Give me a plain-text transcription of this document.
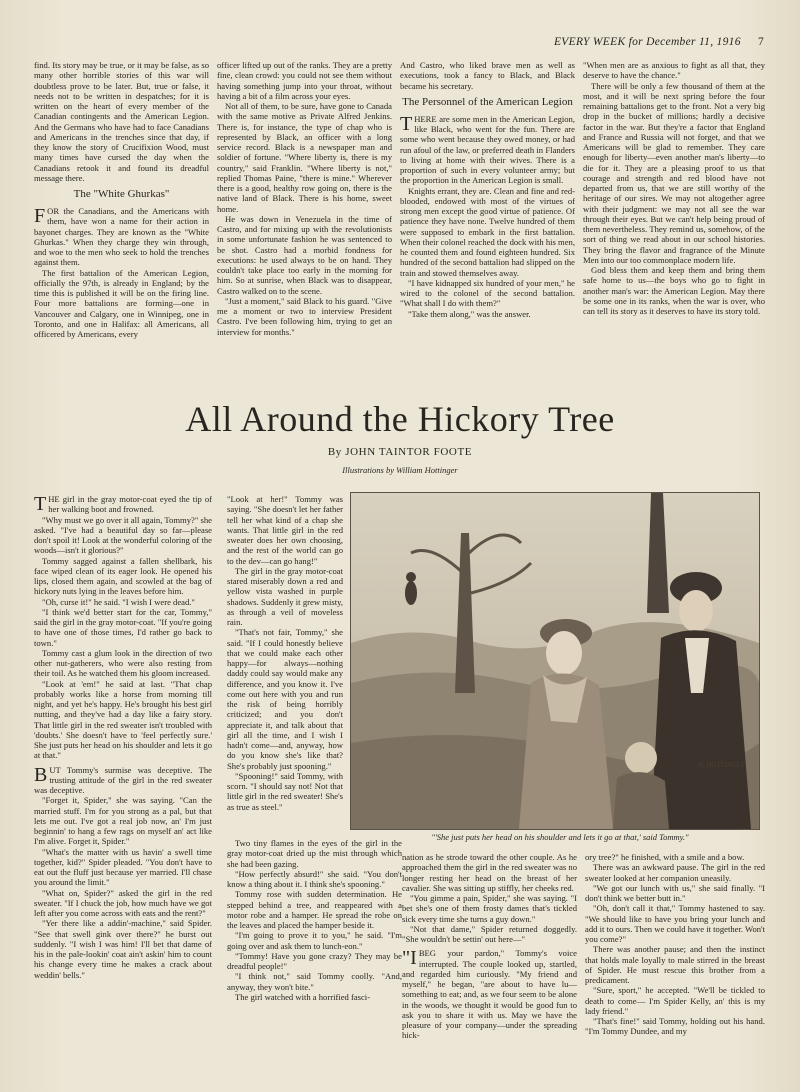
EVERY WEEK for December 11, 1916 7

find. Its story may be true, or it may be false, as so many other horrible stories of this war will doubtless prove to be later. But, true or false, it needs not to be written in despatches; for it is written on the heart of every member of the Canadian contingents and the American Legion. And the Germans who have had to face Canadians and Americans in the trenches since that day, if they know the story of Crucifixion Wood, must many times have cursed the day when the Canadians retook it and found its dreadful message there.

The "White Ghurkas"

FOR the Canadians, and the Americans with them, have won a name for their action in bayonet charges. They are known as the "White Ghurkas." When they charge they win through, and woe to the men who seek to hold the trenches against them.

The first battalion of the American Legion, officially the 97th, is already in England; by the time this is published it will be on the firing line. Four more battalions are forming—one in Vancouver and Calgary, one in Winnipeg, one in Toronto, and one in Halifax: all Americans, all officered by Americans, every

officer lifted up out of the ranks. They are a pretty fine, clean crowd: you could not see them without having something jump into your throat, without having a bit of a film across your eyes.

Not all of them, to be sure, have gone to Canada with the same motive as Private Alfred Jenkins. There is, for instance, the type of chap who is represented by Black, an officer with a long service record. Black is a newspaper man and soldier of fortune. "Where liberty is, there is my country," said Franklin. "Where liberty is not," replied Thomas Paine, "there is mine." Wherever there is a good, healthy row going on, there is the native land of Black. There is his home, sweet home.

He was down in Venezuela in the time of Castro, and for mixing up with the revolutionists in some unfortunate fashion he was sentenced to be shot. Castro had a morbid fondness for executions: he used always to be on hand. They couldn't take place too early in the morning for him. So at sunrise, when Black was to disappear, Castro walked on to the scene.

"Just a moment," said Black to his guard. "Give me a moment or two to interview President Castro. I've been following him, trying to get an interview for months."

And Castro, who liked brave men as well as executions, took a fancy to Black, and Black became his secretary.

The Personnel of the American Legion

THERE are some men in the American Legion, like Black, who went for the fun. There are some who went because they owed money, or had run afoul of the law, or preferred death in Flanders to living at home with their wives. There is a proportion of such in every volunteer army; but the proportion in the American Legion is small.

Knights errant, they are. Clean and fine and red-blooded, endowed with most of the virtues of strong men except the good virtue of patience. Of patience they have none. Twelve hundred of them were supposed to embark in the first battalion. When their colonel reached the dock with his men, he counted them and found eighteen hundred. Six hundred of the second battalion had slipped on the train and stowed themselves away.

"I have kidnapped six hundred of your men," he wired to the colonel of the second battalion. "What shall I do with them?"

"Take them along," was the answer.

"When men are as anxious to fight as all that, they deserve to have the chance."

There will be only a few thousand of them at the most, and it will be next spring before the four remaining battalions get to the front. Not a very big drop in the bucket of millions; hardly a decisive factor in the war. But they're a factor that England and France and Russia will not forget, and that we Americans will be glad to remember. They care enough for liberty—even another man's liberty—to die for it. They are a pleasing proof to us that courage and strength and red blood have not departed from us, that we are still worthy of the heritage of our sires. We may not altogether agree with their judgment: we may not all see the war through their eyes. But we can't help being proud of them nevertheless. They remind us, somehow, of the sort of thing we read about in our school histories. They bring the flavor and fragrance of the Minute Men into our too commonplace modern life.

God bless them and keep them and bring them safe home to us—the boys who go to fight in another man's war: the American Legion. May there be some one in its ranks, when the war is over, who can tell its story as it deserves to have its story told.

All Around the Hickory Tree
By JOHN TAINTOR FOOTE
Illustrations by William Hottinger

THE girl in the gray motor-coat eyed the tip of her walking boot and frowned.

"Why must we go over it all again, Tommy?" she asked. "I've had a beautiful day so far—please don't spoil it! Look at the wonderful coloring of the woods—isn't it glorious?"

Tommy sagged against a fallen shellbark, his face wiped clean of its eager look. He opened his lips, closed them again, and scowled at the bag of hickory nuts lying in the leaves before him.

"Oh, curse it!" he said. "I wish I were dead."

"I think we'd better start for the car, Tommy," said the girl in the gray motor-coat. "If you're going to have one of those times, I'd rather go back to town."

Tommy cast a glum look in the direction of two other nut-gatherers, who were also resting from their toil. As he watched them his gloom increased.

"Look at 'em!" he said at last. "That chap probably works like a horse from morning till night, and yet he's happy. He's brought his best girl nutting, and they've had a day like a fairy story. That little girl in the red sweater isn't troubled with 'doubts.' She doesn't have to 'feel perfectly sure.' She just puts her head on his shoulder and lets it go at that."

BUT Tommy's surmise was deceptive. The trusting attitude of the girl in the red sweater was deceptive.

"Forget it, Spider," she was saying. "Can the married stuff. I'm for you strong as a pal, but that lets me out. I've got a real job now, an' I'm just beginnin' to hang a few rags on myself an' act like I'm alive. Forget it, Spider."

"What's the matter with us havin' a swell time together, kid?" Spider pleaded. "You don't have to eat out the fluff just because yer married. I'll chase you around the limit."

"What on, Spider?" asked the girl in the red sweater. "If I chuck the job, how much have we got left after you come across with eats and the rent?"

"Yer there like a addin'-machine," said Spider. "See that swell gink over there?" he burst out suddenly. "I wish I was him! I'll bet that dame of his in the pale-lookin' coat ain't askin' him to count his change every time he makes a crack about weddin' bells."

"Look at her!" Tommy was saying. "She doesn't let her father tell her what kind of a chap she wants. That little girl in the red sweater does her own choosing, and the rest of the world can go to the dev—can go hang!"

The girl in the gray motor-coat stared miserably down a red and yellow vista washed in purple shadows. Suddenly it grew misty, as through a veil of moveless rain.

"That's not fair, Tommy," she said. "If I could honestly believe that we could make each other happy—for always—nothing daddy could say would make any difference, and you know it. I've come out here with you and run the risk of being horribly criticized; and you don't appreciate it, and talk about that girl all the time, and I wish I hadn't come—and, anyway, how do you know she's like that? She's probably just spooning."

"Spooning!" said Tommy, with scorn. "I should say not! Not that little girl in the red sweater! She's as true as steel."

Two tiny flames in the eyes of the girl in the gray motor-coat dried up the mist through which she had been gazing.

"How perfectly absurd!" she said. "You don't know a thing about it. I think she's spooning."

Tommy rose with sudden determination. He stepped behind a tree, and reappeared with a motor robe and a hamper. He spread the robe on the leaves and placed the hamper beside it.

"I'm going to prove it to you," he said. "I'm going over and ask them to lunch-eon."

"Tommy! Have you gone crazy? They may be dreadful people!"

"I think not," said Tommy coolly. "And, anyway, they won't bite."

The girl watched with a horrified fasci-

W. HOTTINGER
"'She just puts her head on his shoulder and lets it go at that,' said Tommy."

nation as he strode toward the other couple. As he approached them the girl in the red sweater was no longer resting her head on the breast of her cavalier. She was sitting up stiffly, her cheeks red.

"You gimme a pain, Spider," she was saying. "I bet she's one of them frosty dames that's tickled sick every time she turns a guy down."

"Not that dame," Spider returned doggedly. "She wouldn't be settin' out here—"

"IBEG your pardon," Tommy's voice interrupted. The couple looked up, startled, and regarded him curiously. "My friend and myself," he began, "are about to have lu—something to eat; and, as we four seem to be alone in the woods, we thought it would be good fun to ask you to share it with us. May we have the pleasure of your company—under the spreading hick-

ory tree?" he finished, with a smile and a bow.

There was an awkward pause. The girl in the red sweater looked at her companion uneasily.

"We got our lunch with us," she said finally. "I don't think we better butt in."

"Oh, don't call it that," Tommy hastened to say. "We should like to have you bring your lunch and add it to ours. Then we could have it together. Won't you come?"

There was another pause; and then the instinct that holds male loyally to male stirred in the breast of Spider. He must rescue this brother from a predicament.

"Sure, sport," he accepted. "We'll be tickled to death to come— I'm Spider Kelly, an' this is my lady friend."

"That's fine!" said Tommy, holding out his hand. "I'm Tommy Dundee, and my
